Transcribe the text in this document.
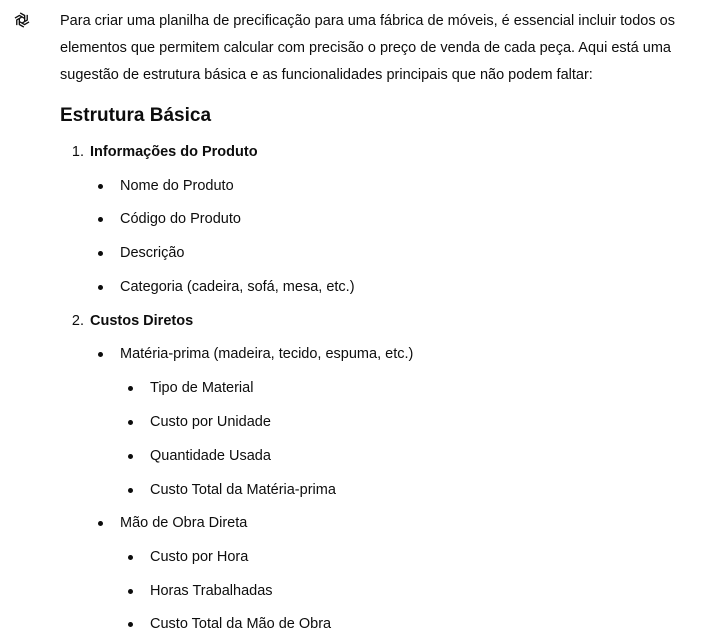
Para criar uma planilha de precificação para uma fábrica de móveis, é essencial incluir todos os elementos que permitem calcular com precisão o preço de venda de cada peça. Aqui está uma sugestão de estrutura básica e as funcionalidades principais que não podem faltar:

Estrutura Básica
1. Informações do Produto
Nome do Produto
Código do Produto
Descrição
Categoria (cadeira, sofá, mesa, etc.)
2. Custos Diretos
Matéria-prima (madeira, tecido, espuma, etc.)
Tipo de Material
Custo por Unidade
Quantidade Usada
Custo Total da Matéria-prima
Mão de Obra Direta
Custo por Hora
Horas Trabalhadas
Custo Total da Mão de Obra
